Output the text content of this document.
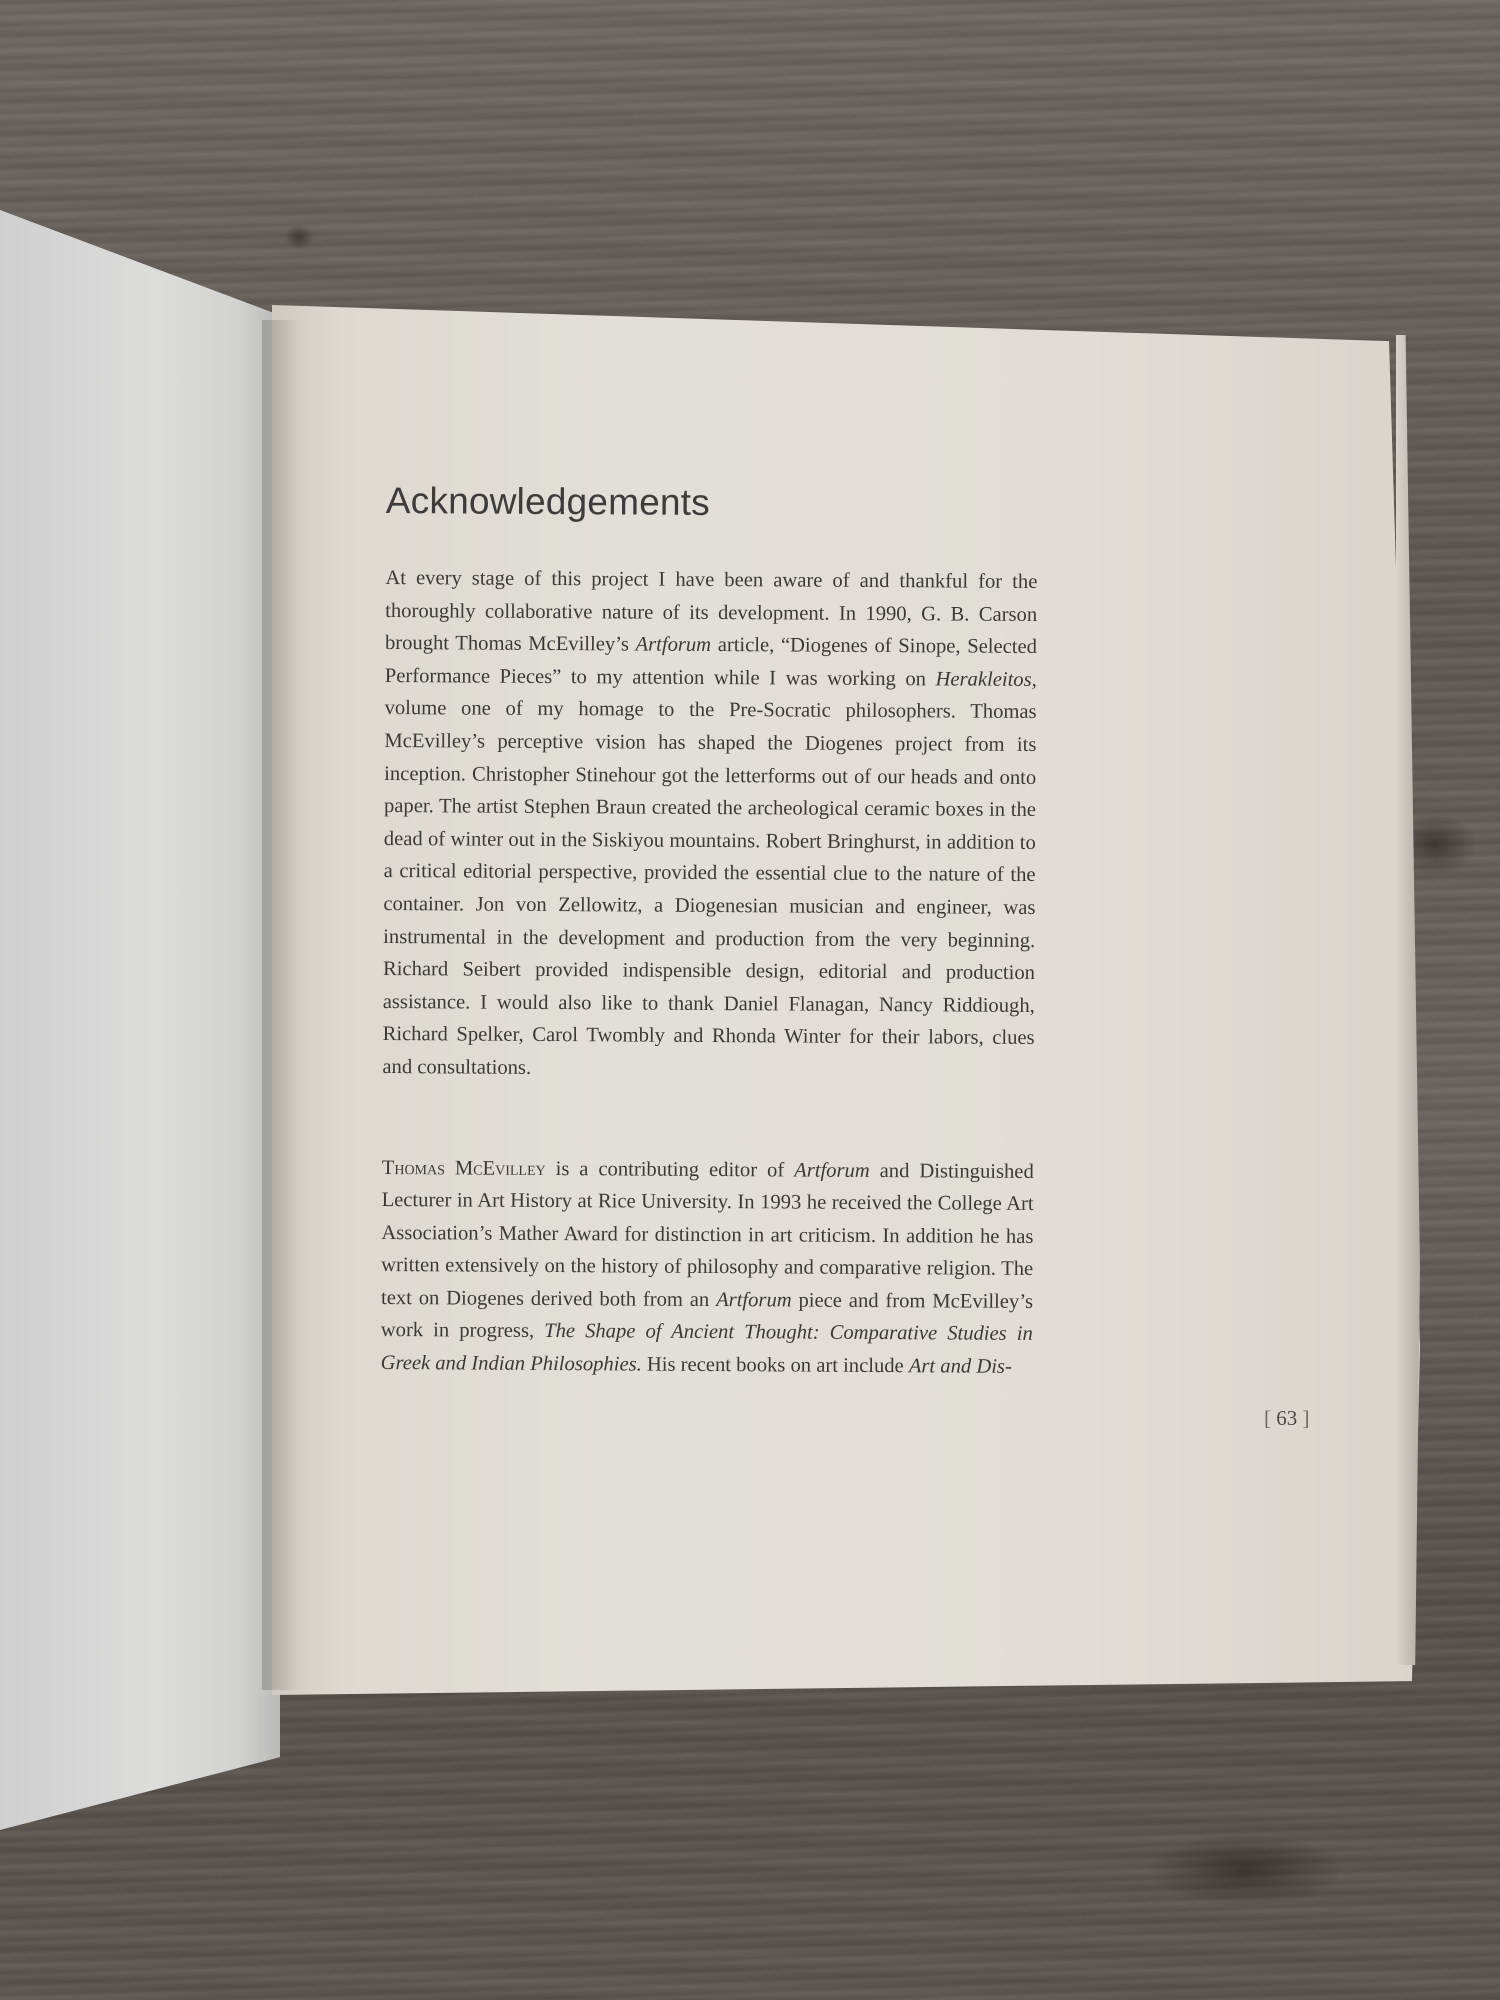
Acknowledgements

At every stage of this project I have been aware of and thankful for the thoroughly collaborative nature of its development. In 1990, G. B. Carson brought Thomas McEvilley’s Artforum article, “Diogenes of Sinope, Selected Performance Pieces” to my attention while I was working on Herakleitos, volume one of my homage to the Pre-Socratic philosophers. Thomas McEvilley’s perceptive vision has shaped the Diogenes project from its inception. Christopher Stinehour got the letterforms out of our heads and onto paper. The artist Stephen Braun created the archeological ceramic boxes in the dead of winter out in the Siskiyou mountains. Robert Bringhurst, in addition to a critical editorial perspective, provided the essential clue to the nature of the container. Jon von Zellowitz, a Diogenesian musician and engineer, was instrumental in the development and production from the very beginning. Richard Seibert provided indispensible design, editorial and production assistance. I would also like to thank Daniel Flanagan, Nancy Riddiough, Richard Spelker, Carol Twombly and Rhonda Winter for their labors, clues and consultations.

Thomas McEvilley is a contributing editor of Artforum and Distinguished Lecturer in Art History at Rice University. In 1993 he received the College Art Association’s Mather Award for distinction in art criticism. In addition he has written extensively on the history of philosophy and comparative religion. The text on Diogenes derived both from an Artforum piece and from McEvilley’s work in progress, The Shape of Ancient Thought: Comparative Studies in Greek and Indian Philosophies. His recent books on art include Art and Dis-

[ 63 ]
